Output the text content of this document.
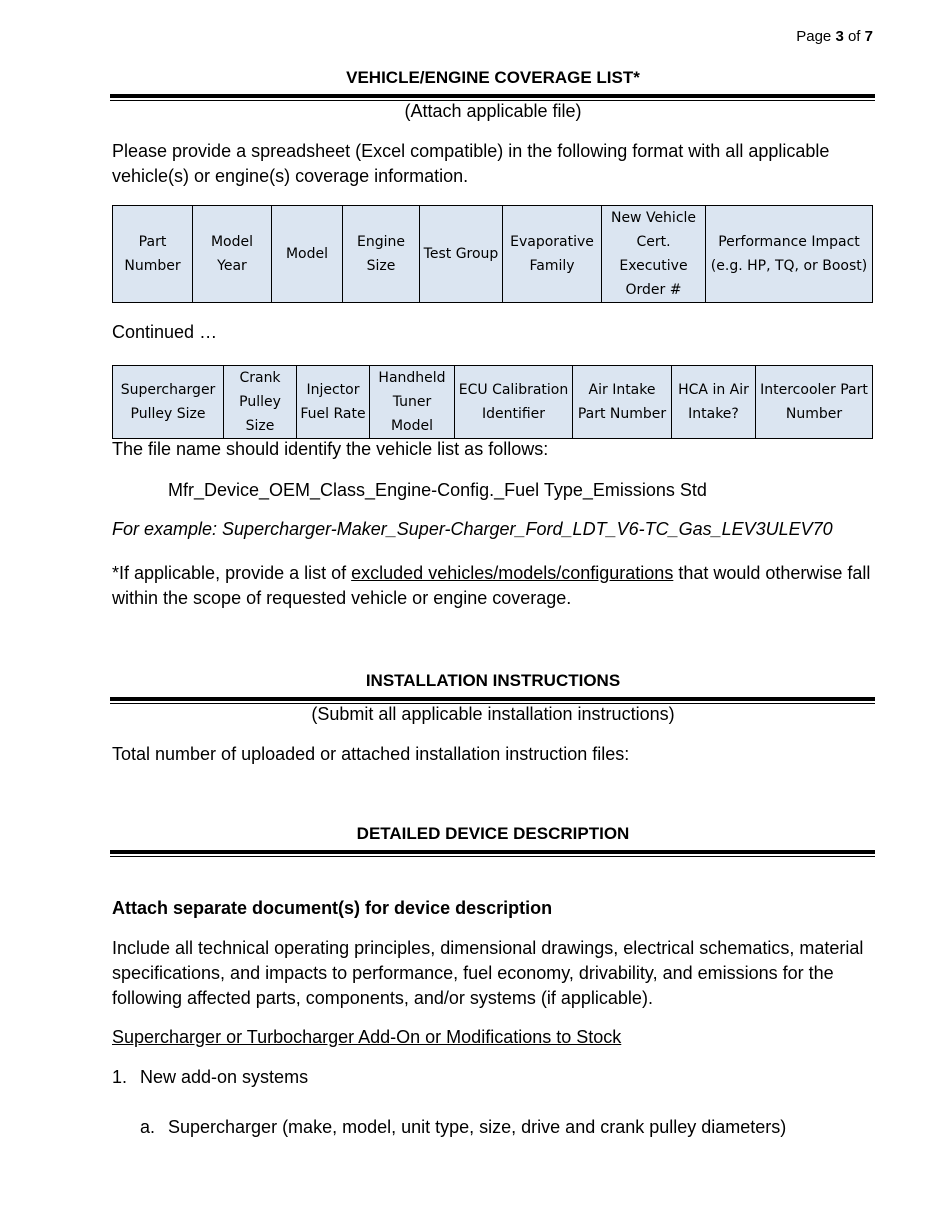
Page 3 of 7
VEHICLE/ENGINE COVERAGE LIST*
(Attach applicable file)
Please provide a spreadsheet (Excel compatible) in the following format with all applicable vehicle(s) or engine(s) coverage information.
Part Number	Model Year	Model	Engine Size	Test Group	Evaporative Family	New Vehicle Cert. Executive Order #	Performance Impact (e.g. HP, TQ, or Boost)
Continued …
Supercharger Pulley Size	Crank Pulley Size	Injector Fuel Rate	Handheld Tuner Model	ECU Calibration Identifier	Air Intake Part Number	HCA in Air Intake?	Intercooler Part Number
The file name should identify the vehicle list as follows:
Mfr_Device_OEM_Class_Engine-Config._Fuel Type_Emissions Std
For example: Supercharger-Maker_Super-Charger_Ford_LDT_V6-TC_Gas_LEV3ULEV70
*If applicable, provide a list of excluded vehicles/models/configurations that would otherwise fall within the scope of requested vehicle or engine coverage.
INSTALLATION INSTRUCTIONS
(Submit all applicable installation instructions)
Total number of uploaded or attached installation instruction files:
DETAILED DEVICE DESCRIPTION
Attach separate document(s) for device description
Include all technical operating principles, dimensional drawings, electrical schematics, material specifications, and impacts to performance, fuel economy, drivability, and emissions for the following affected parts, components, and/or systems (if applicable).
Supercharger or Turbocharger Add-On or Modifications to Stock
1. New add-on systems
a. Supercharger (make, model, unit type, size, drive and crank pulley diameters)
